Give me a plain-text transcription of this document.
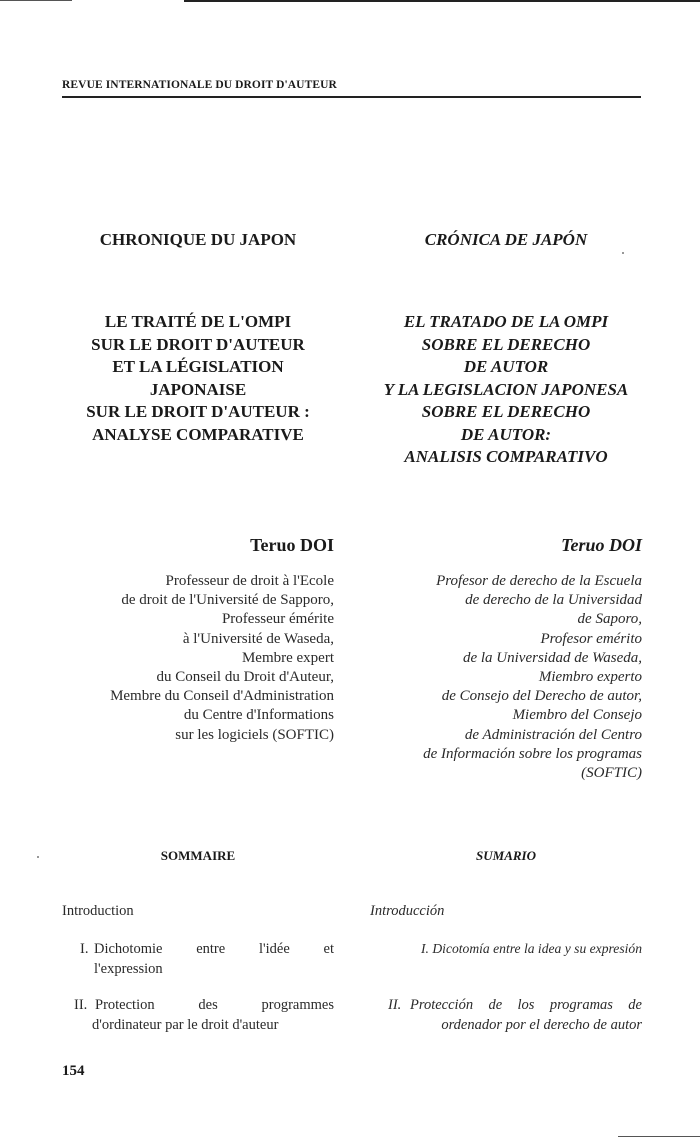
REVUE INTERNATIONALE DU DROIT D'AUTEUR
CHRONIQUE DU JAPON	CRÓNICA DE JAPÓN
LE TRAITÉ DE L'OMPI
SUR LE DROIT D'AUTEUR
ET LA LÉGISLATION
JAPONAISE
SUR LE DROIT D'AUTEUR :
ANALYSE COMPARATIVE
EL TRATADO DE LA OMPI
SOBRE EL DERECHO
DE AUTOR
Y LA LEGISLACION JAPONESA
SOBRE EL DERECHO
DE AUTOR:
ANALISIS COMPARATIVO
Teruo DOI	Teruo DOI
Professeur de droit à l'Ecole
de droit de l'Université de Sapporo,
Professeur émérite
à l'Université de Waseda,
Membre expert
du Conseil du Droit d'Auteur,
Membre du Conseil d'Administration
du Centre d'Informations
sur les logiciels (SOFTIC)
Profesor de derecho de la Escuela
de derecho de la Universidad
de Saporo,
Profesor emérito
de la Universidad de Waseda,
Miembro experto
de Consejo del Derecho de autor,
Miembro del Consejo
de Administración del Centro
de Información sobre los programas
(SOFTIC)
SOMMAIRE	SUMARIO
Introduction	Introducción
I. Dichotomie entre l'idée et
l'expression
II. Protection des programmes
d'ordinateur par le droit d'auteur
I. Dicotomía entre la idea y su expresión
II. Protección de los programas de
ordenador por el derecho de autor
154
